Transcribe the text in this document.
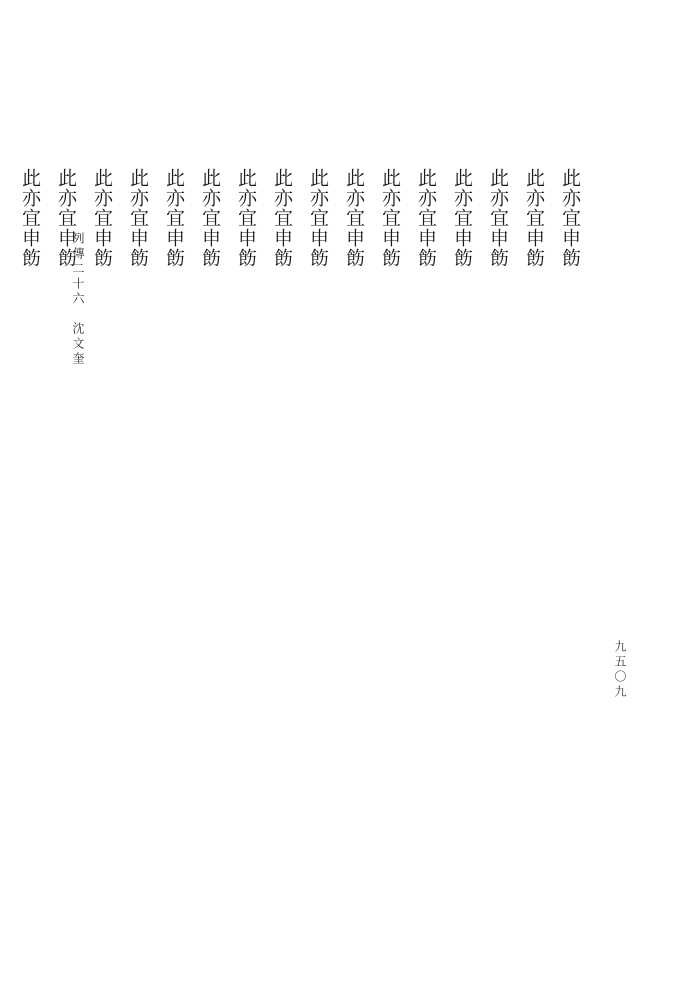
此亦宜申飭
此亦宜申飭
此亦宜申飭
此亦宜申飭
此亦宜申飭
此亦宜申飭
此亦宜申飭
此亦宜申飭
此亦宜申飭
此亦宜申飭
此亦宜申飭
此亦宜申飭
此亦宜申飭
此亦宜申飭
此亦宜申飭
此亦宜申飭
列傳二十六　沈文奎
九五〇九
